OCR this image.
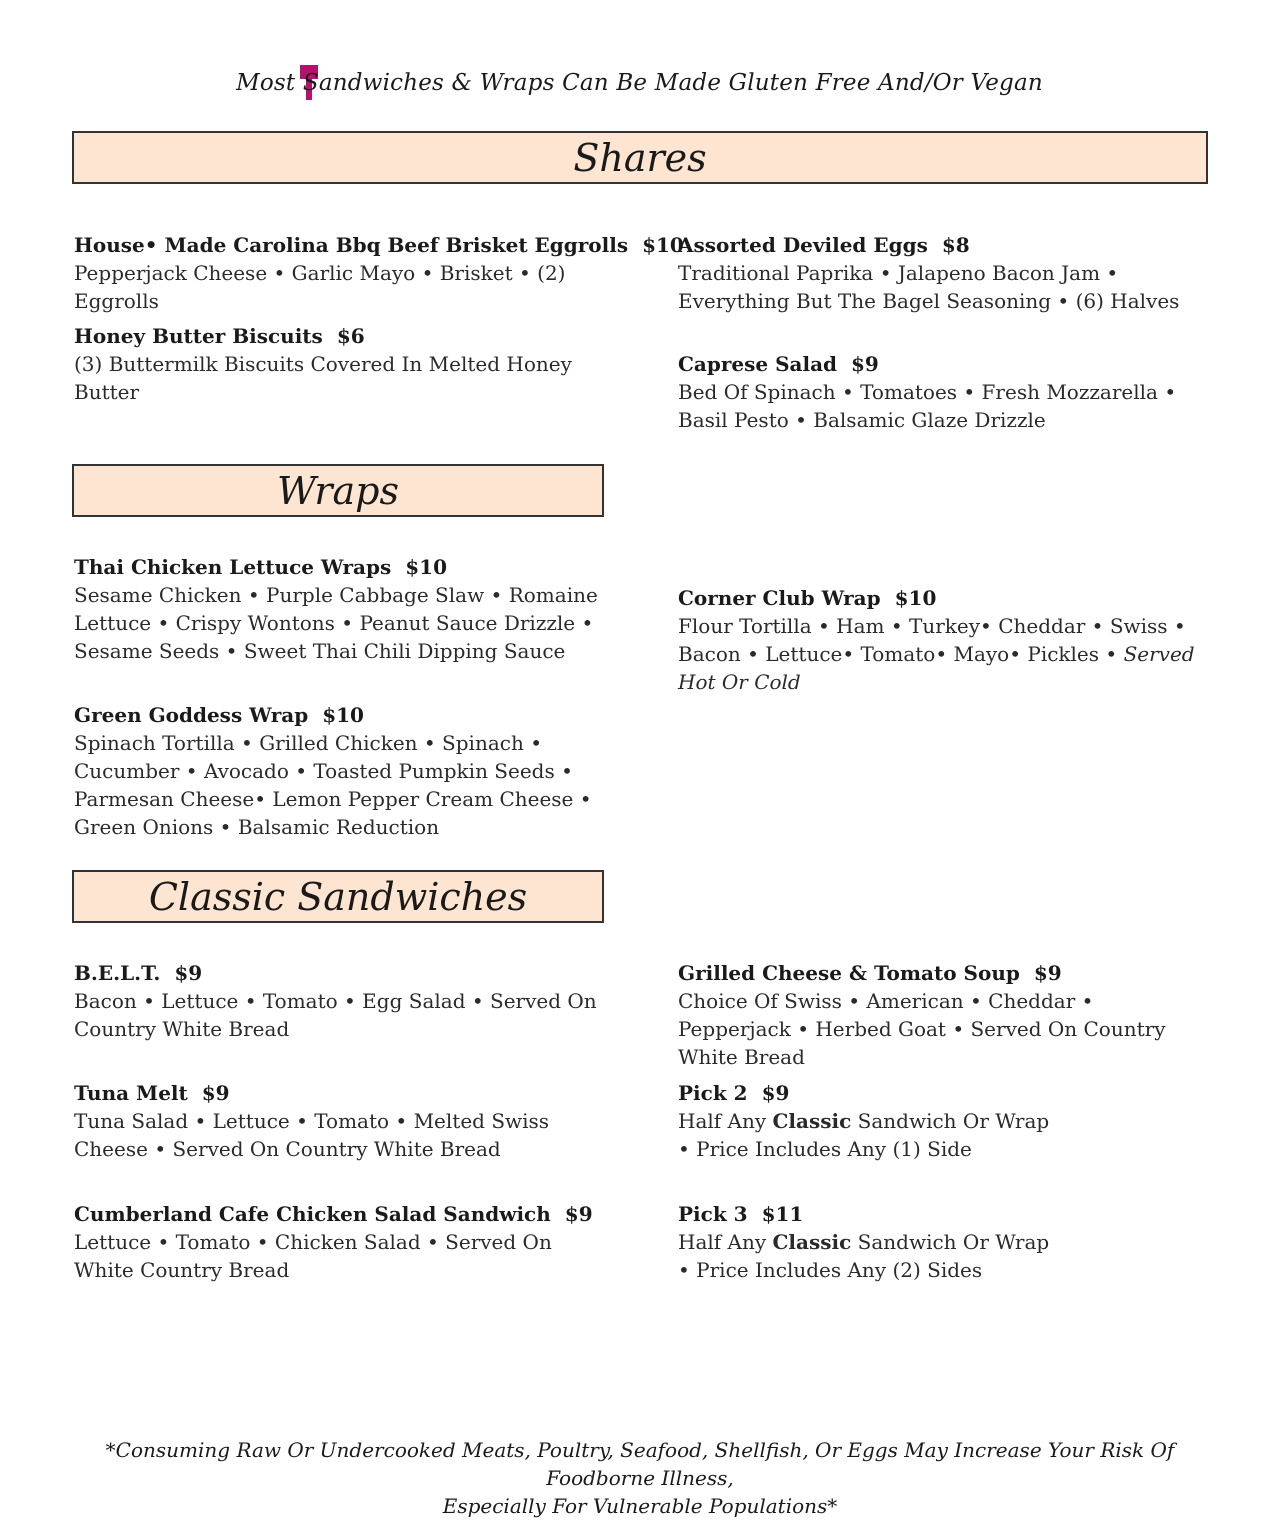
Most Sandwiches & Wraps Can Be Made Gluten Free And/Or Vegan
Shares
House• Made Carolina Bbq Beef Brisket Eggrolls $10
Pepperjack Cheese • Garlic Mayo • Brisket • (2) Eggrolls
Honey Butter Biscuits $6
(3) Buttermilk Biscuits Covered In Melted Honey Butter
Assorted Deviled Eggs $8
Traditional Paprika • Jalapeno Bacon Jam • Everything But The Bagel Seasoning • (6) Halves
Caprese Salad $9
Bed Of Spinach • Tomatoes • Fresh Mozzarella • Basil Pesto • Balsamic Glaze Drizzle
Wraps
Thai Chicken Lettuce Wraps $10
Sesame Chicken • Purple Cabbage Slaw • Romaine Lettuce • Crispy Wontons • Peanut Sauce Drizzle • Sesame Seeds • Sweet Thai Chili Dipping Sauce
Green Goddess Wrap $10
Spinach Tortilla • Grilled Chicken • Spinach • Cucumber • Avocado • Toasted Pumpkin Seeds • Parmesan Cheese• Lemon Pepper Cream Cheese • Green Onions • Balsamic Reduction
Corner Club Wrap $10
Flour Tortilla • Ham • Turkey• Cheddar • Swiss • Bacon • Lettuce• Tomato• Mayo• Pickles • Served Hot Or Cold
Classic Sandwiches
B.E.L.T. $9
Bacon • Lettuce • Tomato • Egg Salad • Served On Country White Bread
Tuna Melt $9
Tuna Salad • Lettuce • Tomato • Melted Swiss Cheese • Served On Country White Bread
Cumberland Cafe Chicken Salad Sandwich $9
Lettuce • Tomato • Chicken Salad • Served On White Country Bread
Grilled Cheese & Tomato Soup $9
Choice Of Swiss • American • Cheddar • Pepperjack • Herbed Goat • Served On Country White Bread
Pick 2 $9
Half Any Classic Sandwich Or Wrap
• Price Includes Any (1) Side
Pick 3 $11
Half Any Classic Sandwich Or Wrap
• Price Includes Any (2) Sides
*Consuming Raw Or Undercooked Meats, Poultry, Seafood, Shellfish, Or Eggs May Increase Your Risk Of Foodborne Illness,
Especially For Vulnerable Populations*
